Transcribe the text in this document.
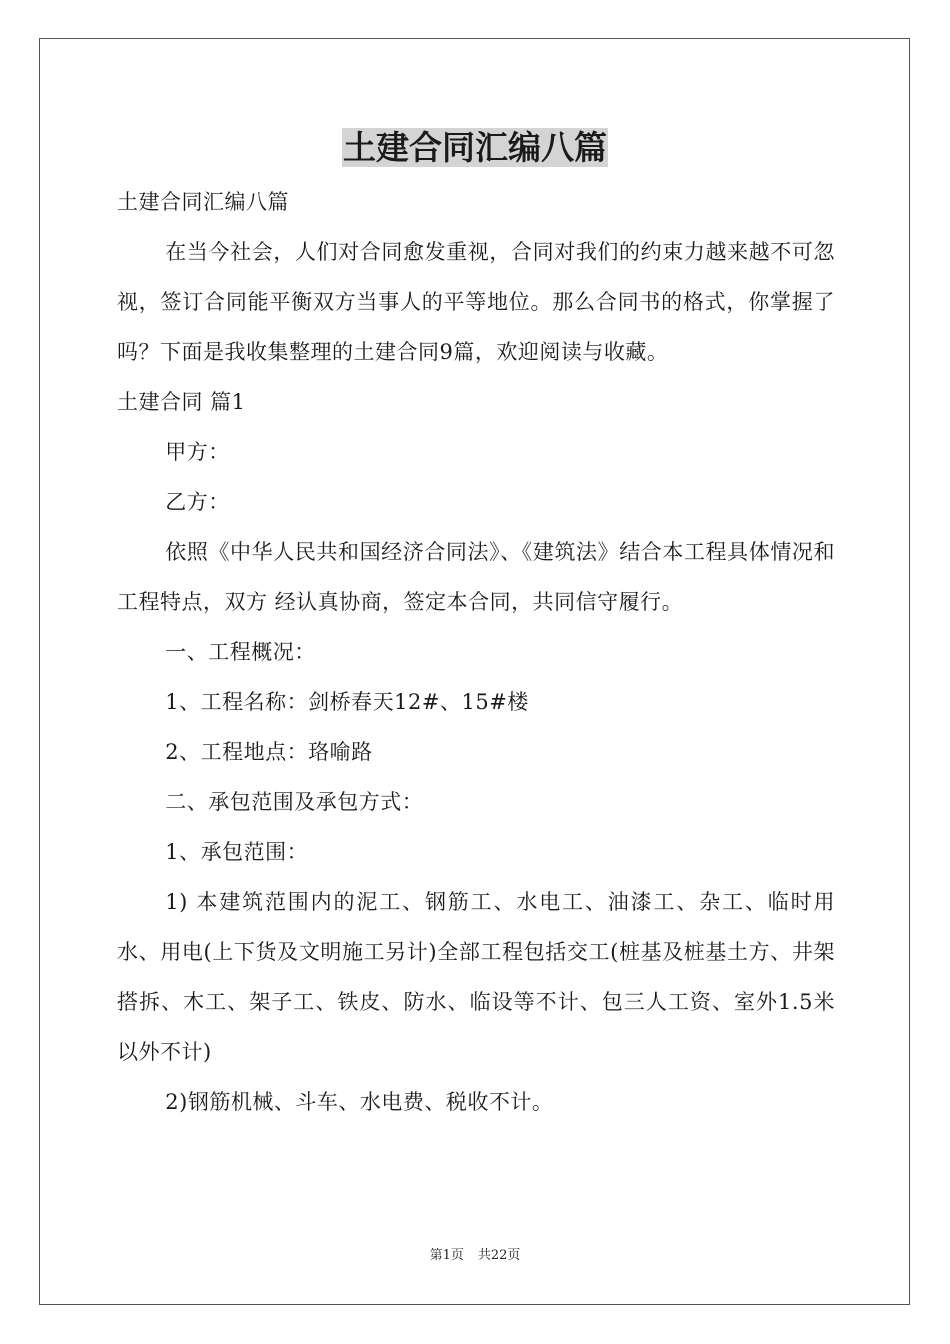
土建合同汇编八篇
土建合同汇编八篇
在当今社会，人们对合同愈发重视，合同对我们的约束力越来越不可忽视，签订合同能平衡双方当事人的平等地位。那么合同书的格式，你掌握了吗？下面是我收集整理的土建合同9篇，欢迎阅读与收藏。
土建合同 篇1
甲方：
乙方：
依照《中华人民共和国经济合同法》、《建筑法》结合本工程具体情况和工程特点，双方 经认真协商，签定本合同，共同信守履行。
一、工程概况：
1、工程名称：剑桥春天12#、15#楼
2、工程地点：珞喻路
二、承包范围及承包方式：
1、承包范围：
1) 本建筑范围内的泥工、钢筋工、水电工、油漆工、杂工、临时用水、用电(上下货及文明施工另计)全部工程包括交工(桩基及桩基土方、井架搭拆、木工、架子工、铁皮、防水、临设等不计、包三人工资、室外1.5米以外不计)
2)钢筋机械、斗车、水电费、税收不计。
第1页 共22页
